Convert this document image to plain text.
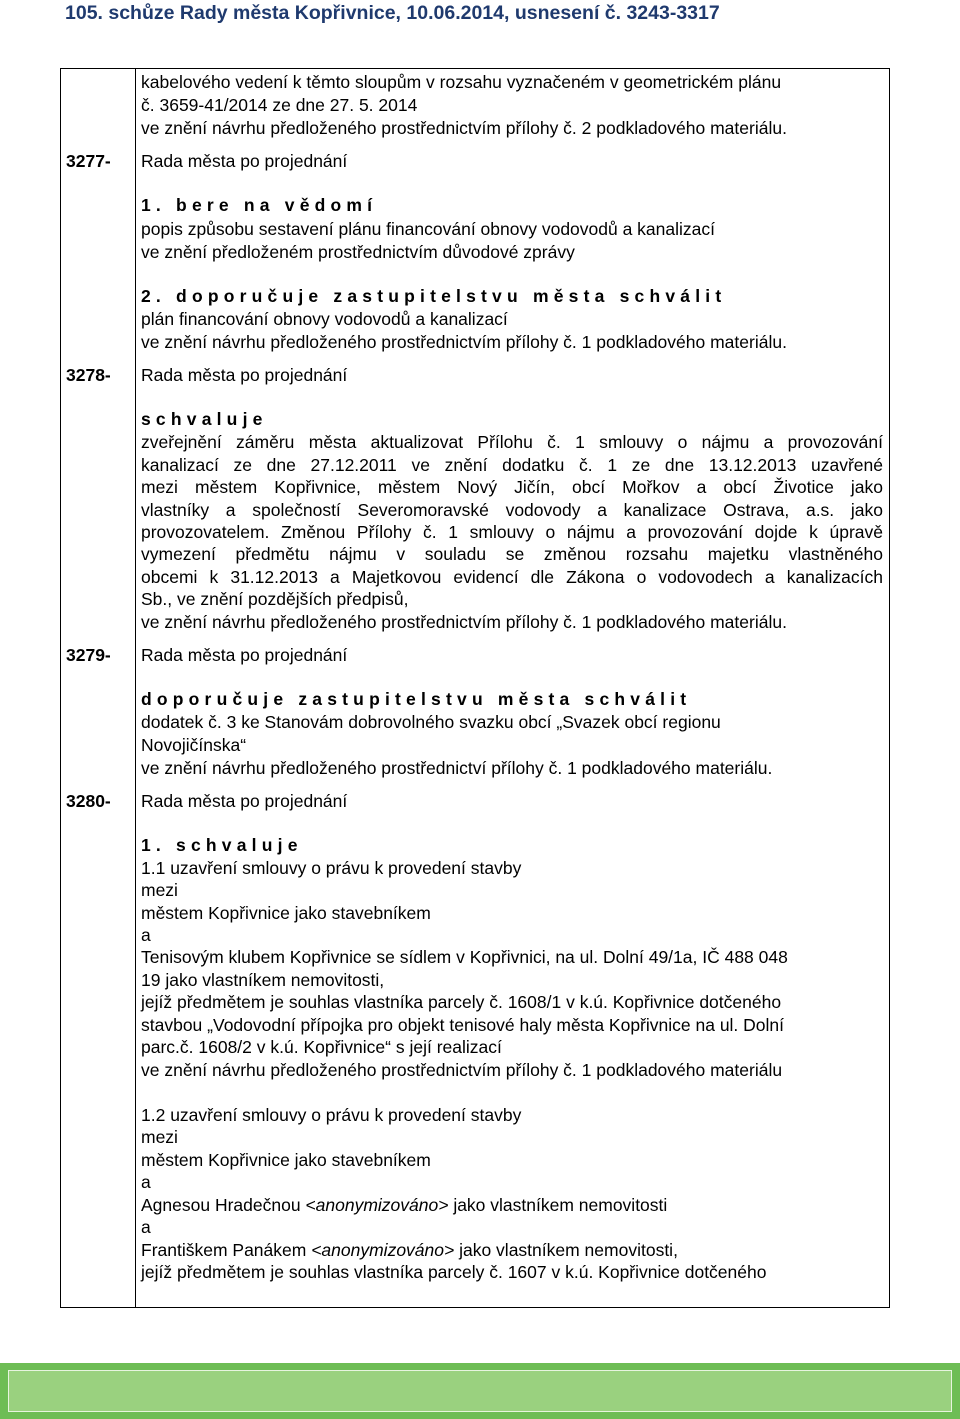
105. schůze Rady města Kopřivnice, 10.06.2014, usnesení č. 3243-3317
kabelového vedení k těmto sloupům v rozsahu vyznačeném v geometrickém plánu
č. 3659-41/2014 ze dne 27. 5. 2014
ve znění návrhu předloženého prostřednictvím přílohy č. 2 podkladového materiálu.
3277- Rada města po projednání
1. bere na vědomí
popis způsobu sestavení plánu financování obnovy vodovodů a kanalizací
ve znění předloženém prostřednictvím důvodové zprávy
2. doporučuje zastupitelstvu města schválit
plán financování obnovy vodovodů a kanalizací
ve znění návrhu předloženého prostřednictvím přílohy č. 1 podkladového materiálu.
3278- Rada města po projednání
schvaluje
zveřejnění záměru města aktualizovat Přílohu č. 1 smlouvy o nájmu a provozování
kanalizací ze dne 27.12.2011 ve znění dodatku č. 1 ze dne 13.12.2013 uzavřené
mezi městem Kopřivnice, městem Nový Jičín, obcí Mořkov a obcí Životice jako
vlastníky a společností Severomoravské vodovody a kanalizace Ostrava, a.s. jako
provozovatelem. Změnou Přílohy č. 1 smlouvy o nájmu a provozování dojde k úpravě
vymezení předmětu nájmu v souladu se změnou rozsahu majetku vlastněného
obcemi k 31.12.2013 a Majetkovou evidencí dle Zákona o vodovodech a kanalizacích
Sb., ve znění pozdějších předpisů,
ve znění návrhu předloženého prostřednictvím přílohy č. 1 podkladového materiálu.
3279- Rada města po projednání
doporučuje zastupitelstvu města schválit
dodatek č. 3 ke Stanovám dobrovolného svazku obcí „Svazek obcí regionu
Novojičínska“
ve znění návrhu předloženého prostřednictví přílohy č. 1 podkladového materiálu.
3280- Rada města po projednání
1. schvaluje
1.1 uzavření smlouvy o právu k provedení stavby
mezi
městem Kopřivnice jako stavebníkem
a
Tenisovým klubem Kopřivnice se sídlem v Kopřivnici, na ul. Dolní 49/1a, IČ 488 048
19 jako vlastníkem nemovitosti,
jejíž předmětem je souhlas vlastníka parcely č. 1608/1 v k.ú. Kopřivnice dotčeného
stavbou „Vodovodní přípojka pro objekt tenisové haly města Kopřivnice na ul. Dolní
parc.č. 1608/2 v k.ú. Kopřivnice“ s její realizací
ve znění návrhu předloženého prostřednictvím přílohy č. 1 podkladového materiálu
1.2 uzavření smlouvy o právu k provedení stavby
mezi
městem Kopřivnice jako stavebníkem
a
Agnesou Hradečnou <anonymizováno> jako vlastníkem nemovitosti
a
Františkem Panákem <anonymizováno> jako vlastníkem nemovitosti,
jejíž předmětem je souhlas vlastníka parcely č. 1607 v k.ú. Kopřivnice dotčeného
